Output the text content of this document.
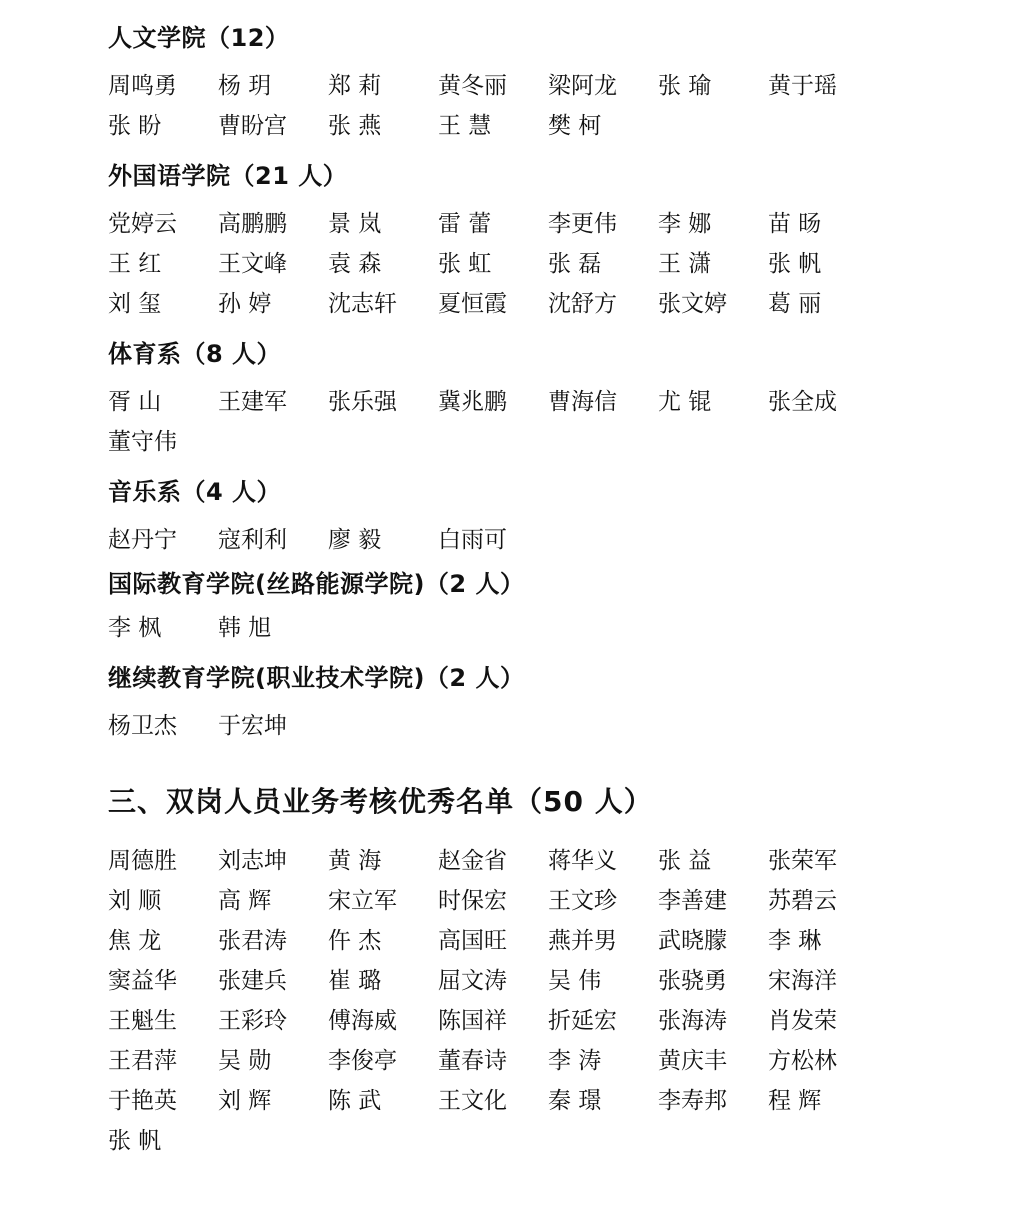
人文学院（12）
周鸣勇	杨 玥	郑 莉	黄冬丽	梁阿龙	张 瑜	黄于瑶
张 盼	曹盼宫	张 燕	王 慧	樊 柯
外国语学院（21 人）
党婷云	高鹏鹏	景 岚	雷 蕾	李更伟	李 娜	苗 旸
王 红	王文峰	袁 森	张 虹	张 磊	王 潇	张 帆
刘 玺	孙 婷	沈志轩	夏恒霞	沈舒方	张文婷	葛 丽
体育系（8 人）
胥 山	王建军	张乐强	冀兆鹏	曹海信	尤 锟	张全成
董守伟
音乐系（4 人）
赵丹宁	寇利利	廖 毅	白雨可
国际教育学院(丝路能源学院)（2 人）
李 枫	韩 旭
继续教育学院(职业技术学院)（2 人）
杨卫杰	于宏坤
三、双岗人员业务考核优秀名单（50 人）
周德胜	刘志坤	黄 海	赵金省	蒋华义	张 益	张荣军
刘 顺	高 辉	宋立军	时保宏	王文珍	李善建	苏碧云
焦 龙	张君涛	仵 杰	高国旺	燕并男	武晓朦	李 琳
窦益华	张建兵	崔 璐	屈文涛	吴 伟	张骁勇	宋海洋
王魁生	王彩玲	傅海威	陈国祥	折延宏	张海涛	肖发荣
王君萍	吴 勋	李俊亭	董春诗	李 涛	黄庆丰	方松林
于艳英	刘 辉	陈 武	王文化	秦 璟	李寿邦	程 辉
张 帆
